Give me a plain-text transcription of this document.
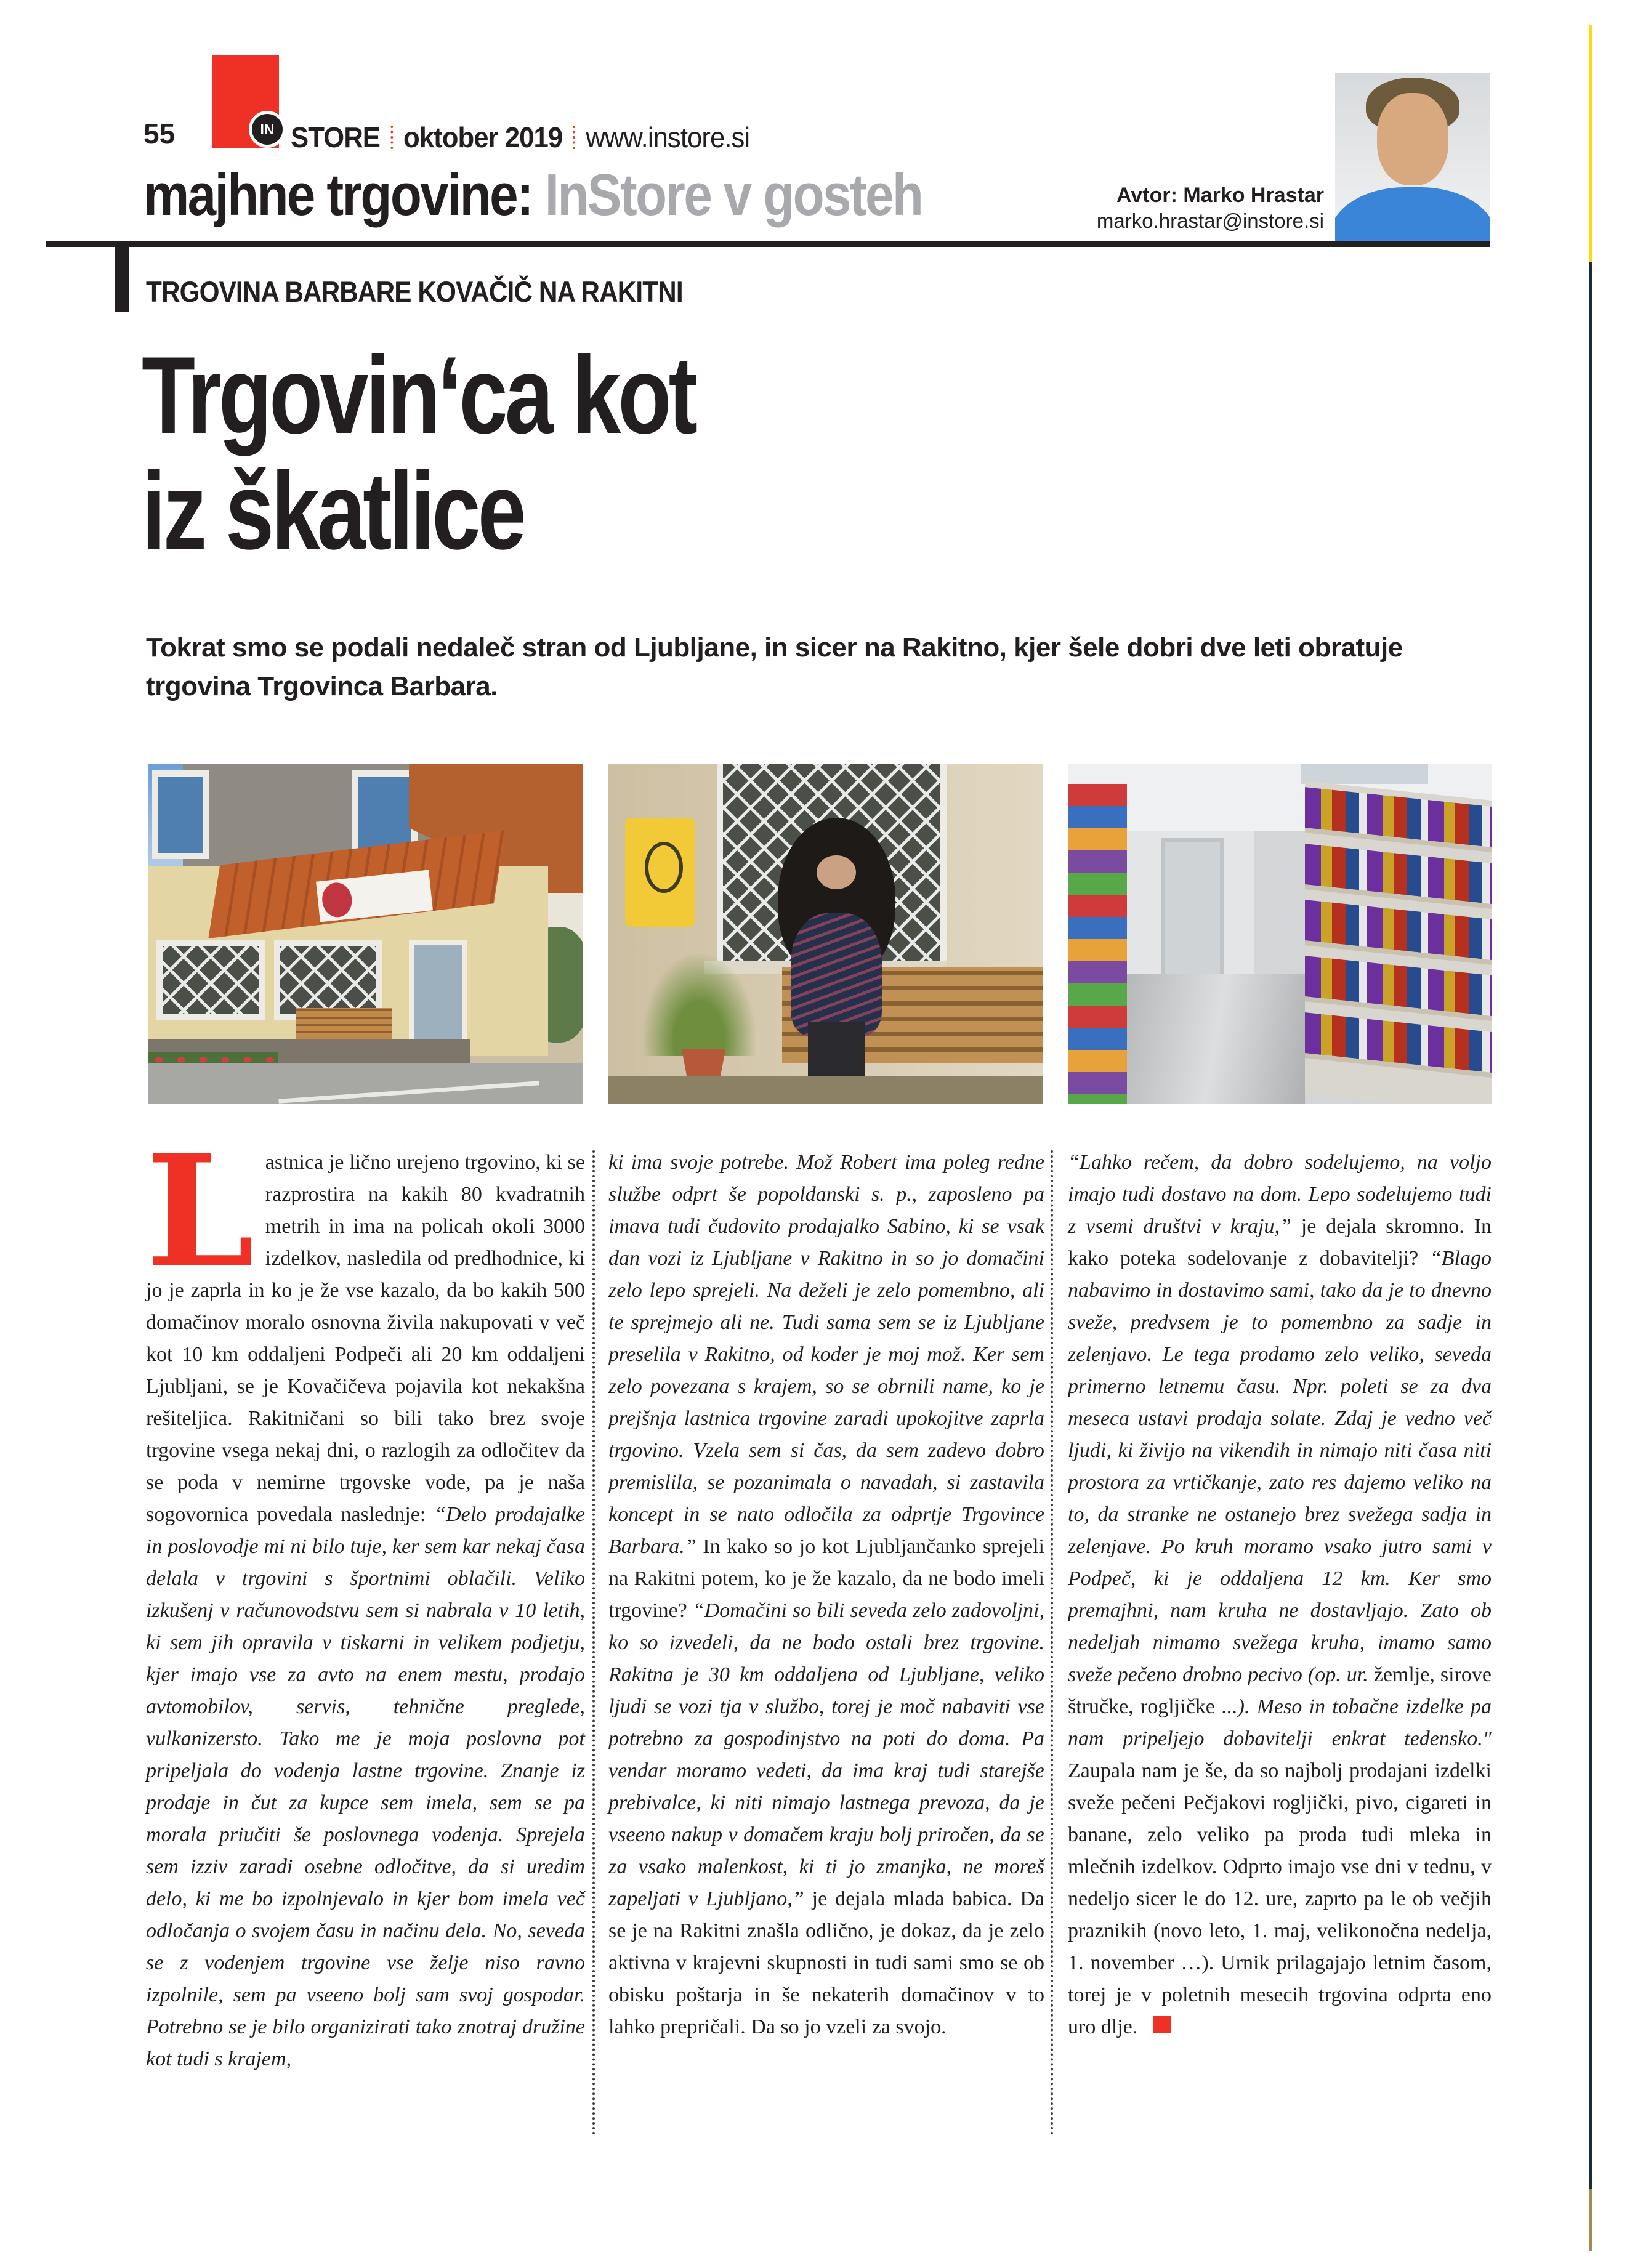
55	IN STORE oktober 2019 www.instore.si
majhne trgovine: InStore v gosteh	Avtor: Marko Hrastar
marko.hrastar@instore.si
TRGOVINA BARBARE KOVAČIČ NA RAKITNI
Trgovin‘ca kot
iz škatlice
Tokrat smo se podali nedaleč stran od Ljubljane, in sicer na Rakitno, kjer šele dobri dve leti obratuje trgovina Trgovinca Barbara.
Lastnica je lično urejeno trgovino, ki se razprostira na kakih 80 kvadratnih metrih in ima na policah okoli 3000 izdelkov, nasledila od predhodnice, ki jo je zaprla in ko je že vse kazalo, da bo kakih 500 domačinov moralo osnovna živila nakupovati v več kot 10 km oddaljeni Podpeči ali 20 km oddaljeni Ljubljani, se je Kovačičeva pojavila kot nekakšna rešiteljica. Rakitničani so bili tako brez svoje trgovine vsega nekaj dni, o razlogih za odločitev da se poda v nemirne trgovske vode, pa je naša sogovornica povedala naslednje: “Delo prodajalke in poslovodje mi ni bilo tuje, ker sem kar nekaj časa delala v trgovini s športnimi oblačili. Veliko izkušenj v računovodstvu sem si nabrala v 10 letih, ki sem jih opravila v tiskarni in velikem podjetju, kjer imajo vse za avto na enem mestu, prodajo avtomobilov, servis, tehnične preglede, vulkanizersto. Tako me je moja poslovna pot pripeljala do vodenja lastne trgovine. Znanje iz prodaje in čut za kupce sem imela, sem se pa morala priučiti še poslovnega vodenja. Sprejela sem izziv zaradi osebne odločitve, da si uredim delo, ki me bo izpolnjevalo in kjer bom imela več odločanja o svojem času in načinu dela. No, seveda se z vodenjem trgovine vse želje niso ravno izpolnile, sem pa vseeno bolj sam svoj gospodar. Potrebno se je bilo organizirati tako znotraj družine kot tudi s krajem,
ki ima svoje potrebe. Mož Robert ima poleg redne službe odprt še popoldanski s. p., zaposleno pa imava tudi čudovito prodajalko Sabino, ki se vsak dan vozi iz Ljubljane v Rakitno in so jo domačini zelo lepo sprejeli. Na deželi je zelo pomembno, ali te sprejmejo ali ne. Tudi sama sem se iz Ljubljane preselila v Rakitno, od koder je moj mož. Ker sem zelo povezana s krajem, so se obrnili name, ko je prejšnja lastnica trgovine zaradi upokojitve zaprla trgovino. Vzela sem si čas, da sem zadevo dobro premislila, se pozanimala o navadah, si zastavila koncept in se nato odločila za odprtje Trgovince Barbara.” In kako so jo kot Ljubljančanko sprejeli na Rakitni potem, ko je že kazalo, da ne bodo imeli trgovine? “Domačini so bili seveda zelo zadovoljni, ko so izvedeli, da ne bodo ostali brez trgovine. Rakitna je 30 km oddaljena od Ljubljane, veliko ljudi se vozi tja v službo, torej je moč nabaviti vse potrebno za gospodinjstvo na poti do doma. Pa vendar moramo vedeti, da ima kraj tudi starejše prebivalce, ki niti nimajo lastnega prevoza, da je vseeno nakup v domačem kraju bolj priročen, da se za vsako malenkost, ki ti jo zmanjka, ne moreš zapeljati v Ljubljano,” je dejala mlada babica. Da se je na Rakitni znašla odlično, je dokaz, da je zelo aktivna v krajevni skupnosti in tudi sami smo se ob obisku poštarja in še nekaterih domačinov v to lahko prepričali. Da so jo vzeli za svojo.
“Lahko rečem, da dobro sodelujemo, na voljo imajo tudi dostavo na dom. Lepo sodelujemo tudi z vsemi društvi v kraju,” je dejala skromno. In kako poteka sodelovanje z dobavitelji? “Blago nabavimo in dostavimo sami, tako da je to dnevno sveže, predvsem je to pomembno za sadje in zelenjavo. Le tega prodamo zelo veliko, seveda primerno letnemu času. Npr. poleti se za dva meseca ustavi prodaja solate. Zdaj je vedno več ljudi, ki živijo na vikendih in nimajo niti časa niti prostora za vrtičkanje, zato res dajemo veliko na to, da stranke ne ostanejo brez svežega sadja in zelenjave. Po kruh moramo vsako jutro sami v Podpeč, ki je oddaljena 12 km. Ker smo premajhni, nam kruha ne dostavljajo. Zato ob nedeljah nimamo svežega kruha, imamo samo sveže pečeno drobno pecivo (op. ur. žemlje, sirove štručke, rogljičke ...). Meso in tobačne izdelke pa nam pripeljejo dobavitelji enkrat tedensko." Zaupala nam je še, da so najbolj prodajani izdelki sveže pečeni Pečjakovi rogljički, pivo, cigareti in banane, zelo veliko pa proda tudi mleka in mlečnih izdelkov. Odprto imajo vse dni v tednu, v nedeljo sicer le do 12. ure, zaprto pa le ob večjih praznikih (novo leto, 1. maj, velikonočna nedelja, 1. november …). Urnik prilagajajo letnim časom, torej je v poletnih mesecih trgovina odprta eno uro dlje.
